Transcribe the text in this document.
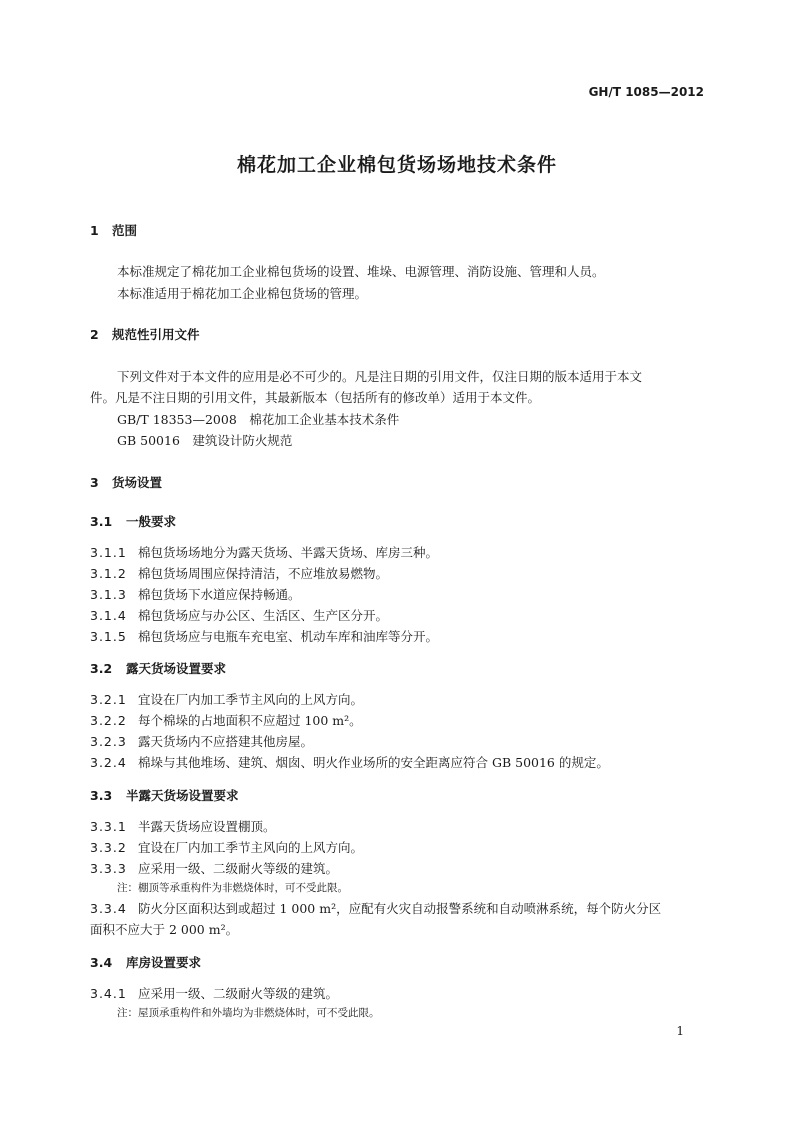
GH/T 1085—2012
棉花加工企业棉包货场场地技术条件
1 范围
本标准规定了棉花加工企业棉包货场的设置、堆垛、电源管理、消防设施、管理和人员。
本标准适用于棉花加工企业棉包货场的管理。
2 规范性引用文件
下列文件对于本文件的应用是必不可少的。凡是注日期的引用文件，仅注日期的版本适用于本文
件。凡是不注日期的引用文件，其最新版本（包括所有的修改单）适用于本文件。
GB/T 18353—2008　棉花加工企业基本技术条件
GB 50016　建筑设计防火规范
3 货场设置
3.1 一般要求
3.1.1 棉包货场场地分为露天货场、半露天货场、库房三种。
3.1.2 棉包货场周围应保持清洁，不应堆放易燃物。
3.1.3 棉包货场下水道应保持畅通。
3.1.4 棉包货场应与办公区、生活区、生产区分开。
3.1.5 棉包货场应与电瓶车充电室、机动车库和油库等分开。
3.2 露天货场设置要求
3.2.1 宜设在厂内加工季节主风向的上风方向。
3.2.2 每个棉垛的占地面积不应超过 100 m²。
3.2.3 露天货场内不应搭建其他房屋。
3.2.4 棉垛与其他堆场、建筑、烟囱、明火作业场所的安全距离应符合 GB 50016 的规定。
3.3 半露天货场设置要求
3.3.1 半露天货场应设置棚顶。
3.3.2 宜设在厂内加工季节主风向的上风方向。
3.3.3 应采用一级、二级耐火等级的建筑。
注：棚顶等承重构件为非燃烧体时，可不受此限。
3.3.4 防火分区面积达到或超过 1 000 m²，应配有火灾自动报警系统和自动喷淋系统，每个防火分区
面积不应大于 2 000 m²。
3.4 库房设置要求
3.4.1 应采用一级、二级耐火等级的建筑。
注：屋顶承重构件和外墙均为非燃烧体时，可不受此限。
1
